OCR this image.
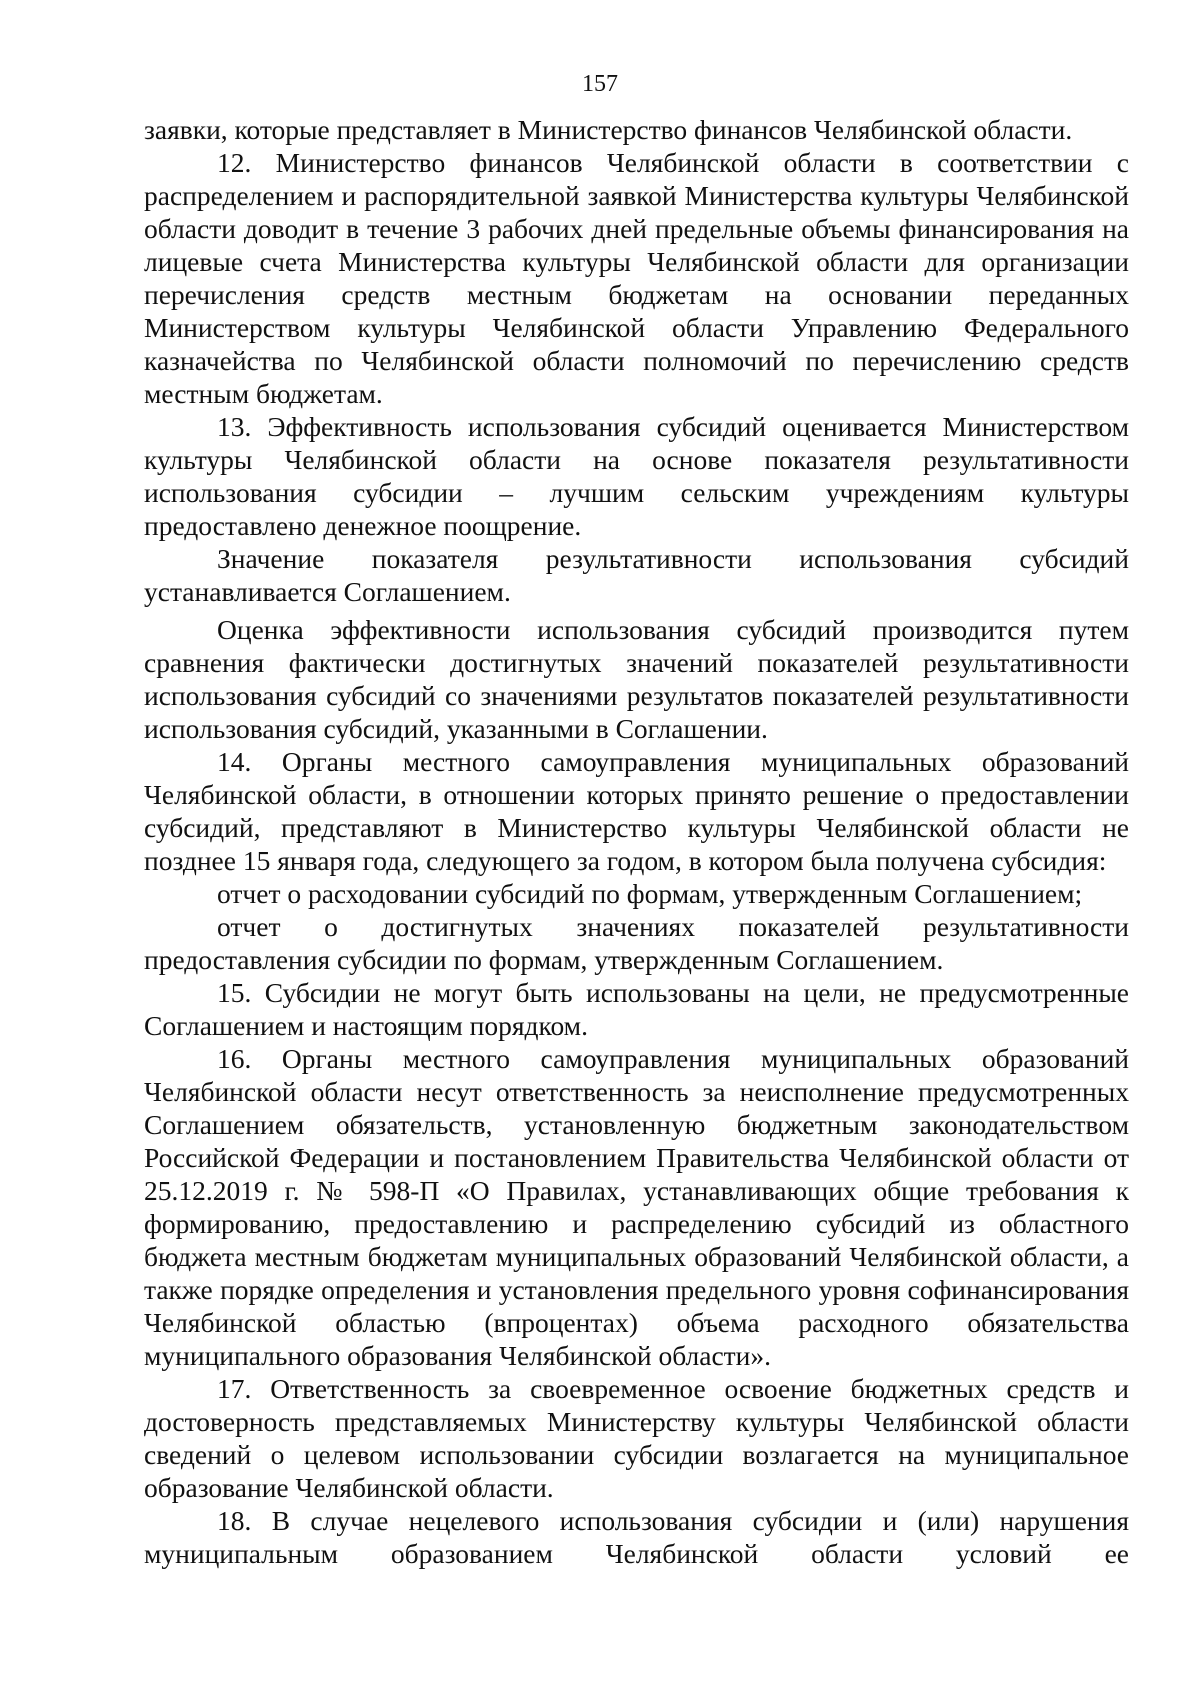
157

заявки, которые представляет в Министерство финансов Челябинской области.

12. Министерство финансов Челябинской области в соответствии с распределением и распорядительной заявкой Министерства культуры Челябинской области доводит в течение 3 рабочих дней предельные объемы финансирования на лицевые счета Министерства культуры Челябинской области для организации перечисления средств местным бюджетам на основании переданных Министерством культуры Челябинской области Управлению Федерального казначейства по Челябинской области полномочий по перечислению средств местным бюджетам.

13. Эффективность использования субсидий оценивается Министерством культуры Челябинской области на основе показателя результативности использования субсидии – лучшим сельским учреждениям культуры предоставлено денежное поощрение.

Значение показателя результативности использования субсидий устанавливается Соглашением.

Оценка эффективности использования субсидий производится путем сравнения фактически достигнутых значений показателей результативности использования субсидий со значениями результатов показателей результативности использования субсидий, указанными в Соглашении.

14. Органы местного самоуправления муниципальных образований Челябинской области, в отношении которых принято решение о предоставлении субсидий, представляют в Министерство культуры Челябинской области не позднее 15 января года, следующего за годом, в котором была получена субсидия:

отчет о расходовании субсидий по формам, утвержденным Соглашением;

отчет о достигнутых значениях показателей результативности предоставления субсидии по формам, утвержденным Соглашением.

15. Субсидии не могут быть использованы на цели, не предусмотренные Соглашением и настоящим порядком.

16. Органы местного самоуправления муниципальных образований Челябинской области несут ответственность за неисполнение предусмотренных Соглашением обязательств, установленную бюджетным законодательством Российской Федерации и постановлением Правительства Челябинской области от 25.12.2019 г. № 598-П «О Правилах, устанавливающих общие требования к формированию, предоставлению и распределению субсидий из областного бюджета местным бюджетам муниципальных образований Челябинской области, а также порядке определения и установления предельного уровня софинансирования Челябинской областью (впроцентах) объема расходного обязательства муниципального образования Челябинской области».

17. Ответственность за своевременное освоение бюджетных средств и достоверность представляемых Министерству культуры Челябинской области сведений о целевом использовании субсидии возлагается на муниципальное образование Челябинской области.

18. В случае нецелевого использования субсидии и (или) нарушения муниципальным образованием Челябинской области условий ее
